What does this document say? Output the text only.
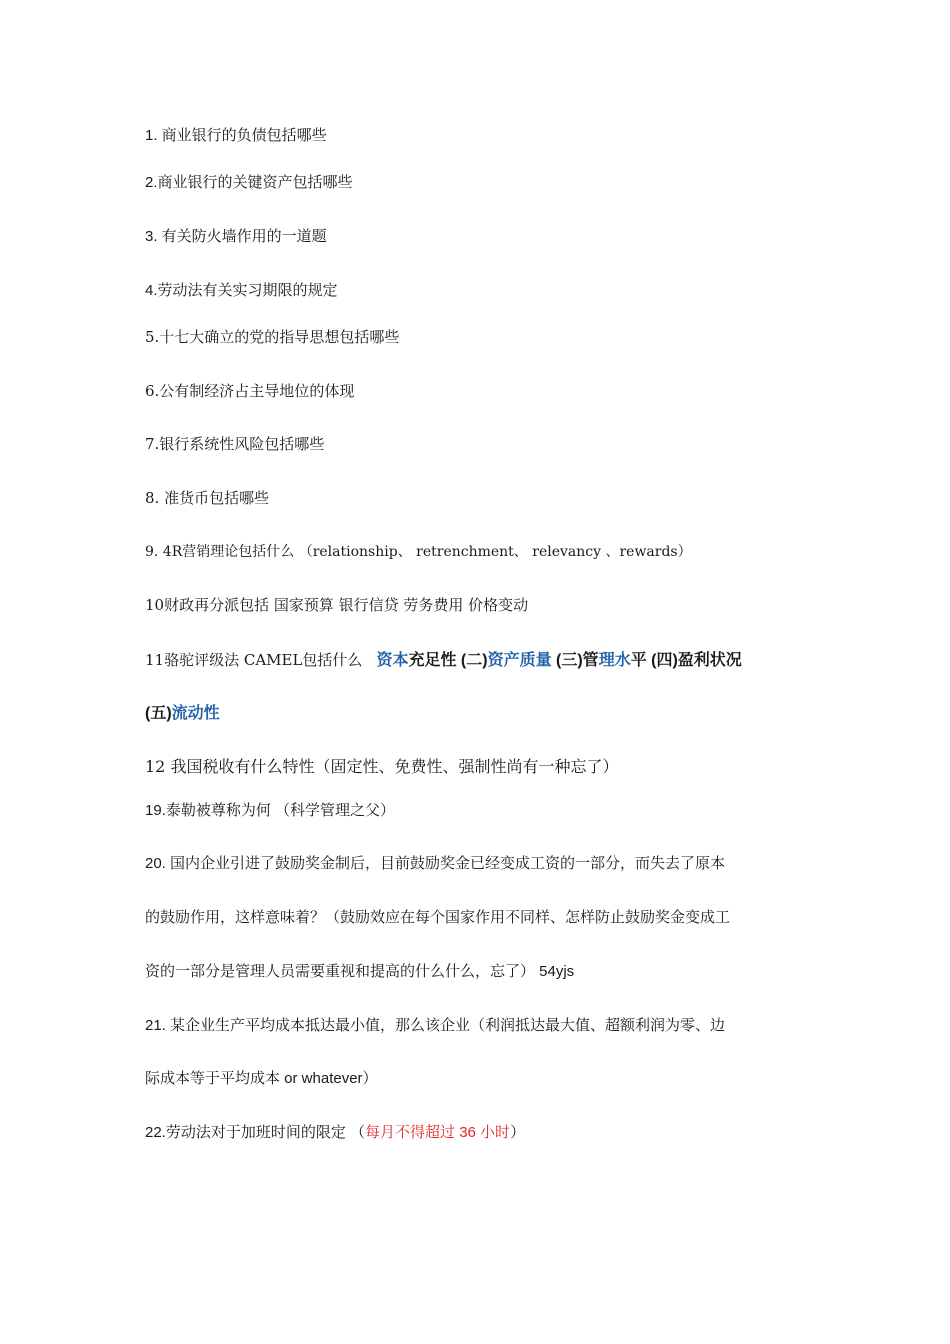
1. 商业银行的负债包括哪些
2.商业银行的关键资产包括哪些
3. 有关防火墙作用的一道题
4.劳动法有关实习期限的规定
5.十七大确立的党的指导思想包括哪些
6.公有制经济占主导地位的体现
7.银行系统性风险包括哪些
8. 准货币包括哪些
9. 4R营销理论包括什么 （relationship、 retrenchment、 relevancy 、rewards）
10财政再分派包括 国家预算 银行信贷 劳务费用 价格变动
11骆驼评级法 CAMEL包括什么 资本充足性 (二)资产质量 (三)管理水平 (四)盈利状况
(五)流动性
12 我国税收有什么特性（固定性、免费性、强制性尚有一种忘了）
19.泰勒被尊称为何 （科学管理之父）
20. 国内企业引进了鼓励奖金制后，目前鼓励奖金已经变成工资的一部分，而失去了原本
的鼓励作用，这样意味着？（鼓励效应在每个国家作用不同样、怎样防止鼓励奖金变成工
资的一部分是管理人员需要重视和提高的什么什么，忘了） 54yjs
21. 某企业生产平均成本抵达最小值，那么该企业（利润抵达最大值、超额利润为零、边
际成本等于平均成本 or whatever）
22.劳动法对于加班时间的限定 （每月不得超过 36 小时）
